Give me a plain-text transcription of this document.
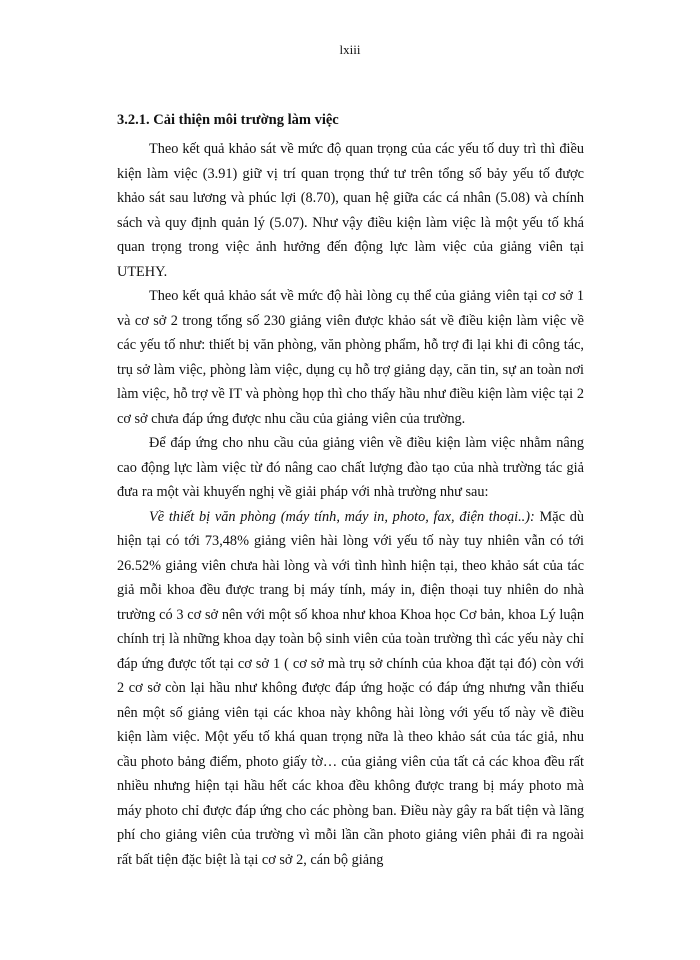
lxiii
3.2.1. Cải thiện môi trường làm việc

Theo kết quả khảo sát về mức độ quan trọng của các yếu tố duy trì thì điều kiện làm việc (3.91) giữ vị trí quan trọng thứ tư trên tổng số bảy yếu tố được khảo sát sau lương và phúc lợi (8.70), quan hệ giữa các cá nhân (5.08) và chính sách và quy định quản lý (5.07). Như vậy điều kiện làm việc là một yếu tố khá quan trọng trong việc ảnh hưởng đến động lực làm việc của giảng viên tại UTEHY.

Theo kết quả khảo sát về mức độ hài lòng cụ thể của giảng viên tại cơ sở 1 và cơ sở 2 trong tổng số 230 giảng viên được khảo sát về điều kiện làm việc về các yếu tố như: thiết bị văn phòng, văn phòng phẩm, hỗ trợ đi lại khi đi công tác, trụ sở làm việc, phòng làm việc, dụng cụ hỗ trợ giảng dạy, căn tin, sự an toàn nơi làm việc, hỗ trợ về IT và phòng họp thì cho thấy hầu như điều kiện làm việc tại 2 cơ sở chưa đáp ứng được nhu cầu của giảng viên của trường.

Để đáp ứng cho nhu cầu của giảng viên về điều kiện làm việc nhằm nâng cao động lực làm việc từ đó nâng cao chất lượng đào tạo của nhà trường tác giả đưa ra một vài khuyến nghị về giải pháp với nhà trường như sau:

Về thiết bị văn phòng (máy tính, máy in, photo, fax, điện thoại..): Mặc dù hiện tại có tới 73,48% giảng viên hài lòng với yếu tố này tuy nhiên vẫn có tới 26.52% giảng viên chưa hài lòng và với tình hình hiện tại, theo khảo sát của tác giả mỗi khoa đều được trang bị máy tính, máy in, điện thoại tuy nhiên do nhà trường có 3 cơ sở nên với một số khoa như khoa Khoa học Cơ bản, khoa Lý luận chính trị là những khoa dạy toàn bộ sinh viên của toàn trường thì các yếu này chỉ đáp ứng được tốt tại cơ sở 1 ( cơ sở mà trụ sở chính của khoa đặt tại đó) còn với 2 cơ sở còn lại hầu như không được đáp ứng hoặc có đáp ứng nhưng vẫn thiếu nên một số giảng viên tại các khoa này không hài lòng với yếu tố này về điều kiện làm việc. Một yếu tố khá quan trọng nữa là theo khảo sát của tác giả, nhu cầu photo bảng điểm, photo giấy tờ… của giảng viên của tất cả các khoa đều rất nhiều nhưng hiện tại hầu hết các khoa đều không được trang bị máy photo mà máy photo chỉ được đáp ứng cho các phòng ban. Điều này gây ra bất tiện và lãng phí cho giảng viên của trường vì mỗi lần cần photo giảng viên phải đi ra ngoài rất bất tiện đặc biệt là tại cơ sở 2, cán bộ giảng
